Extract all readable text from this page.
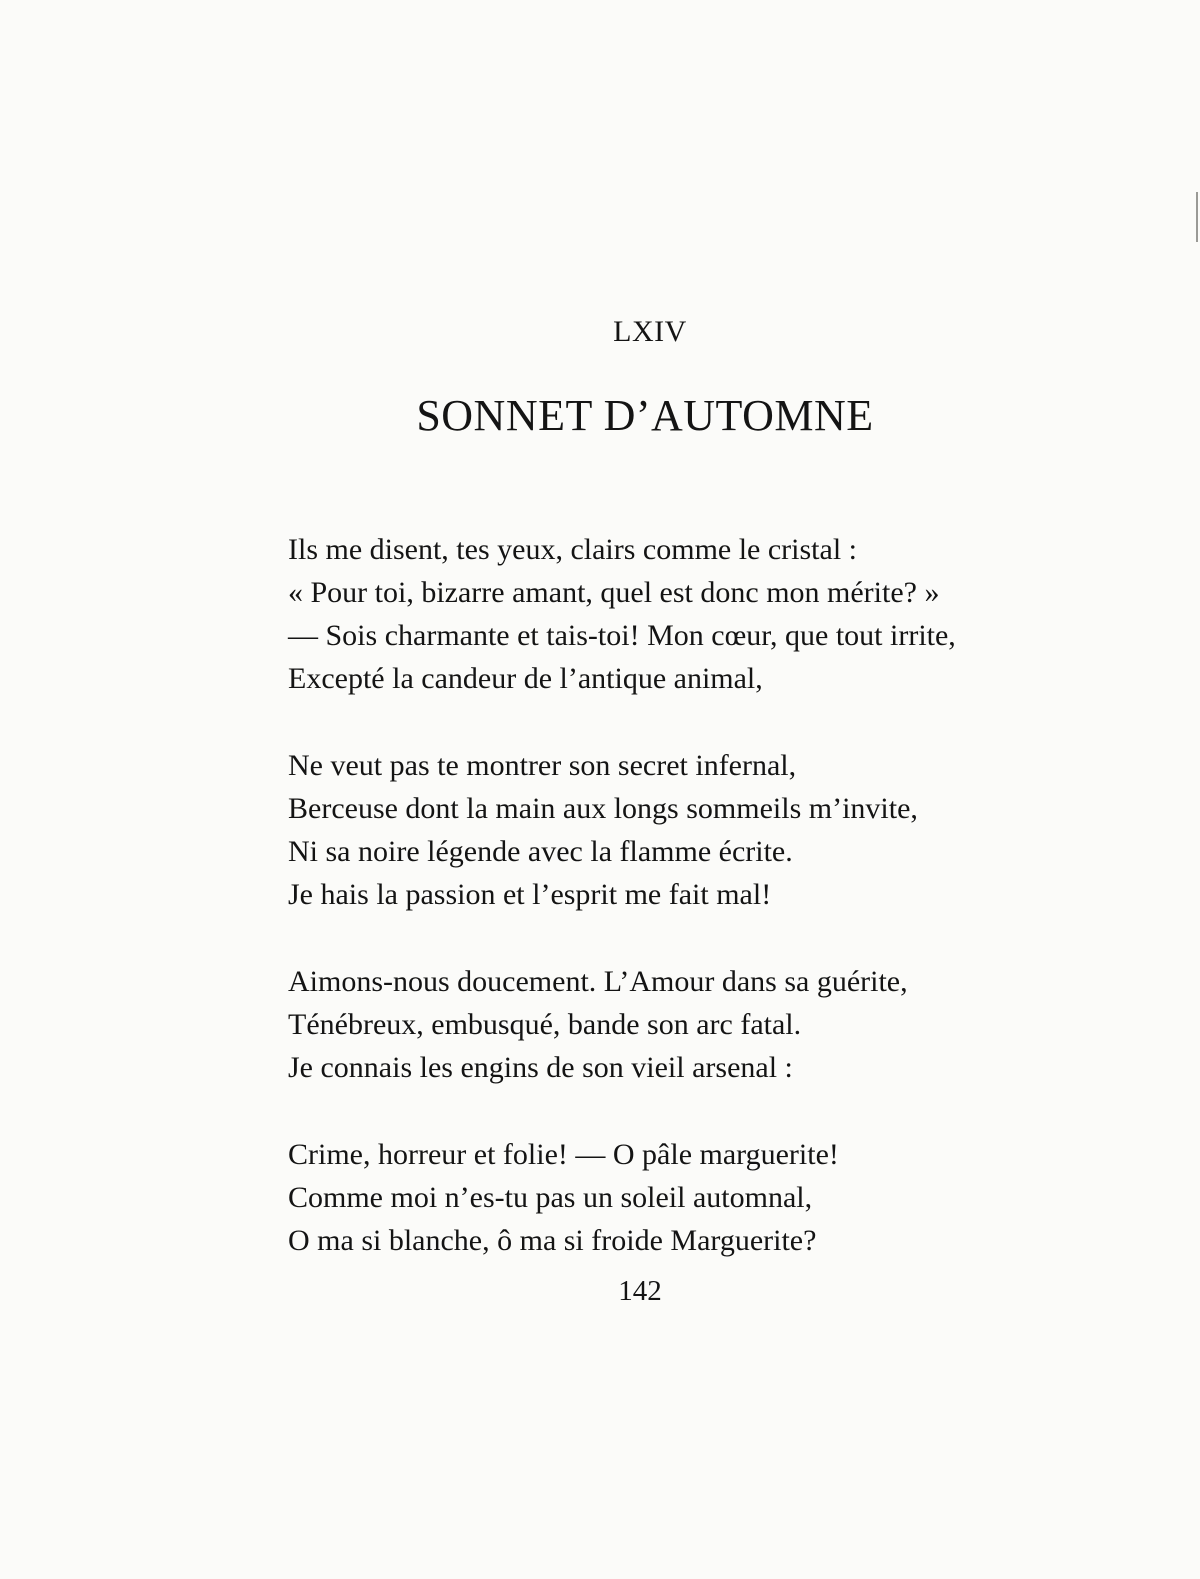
LXIV
SONNET D’AUTOMNE
Ils me disent, tes yeux, clairs comme le cristal :
« Pour toi, bizarre amant, quel est donc mon mérite? »
— Sois charmante et tais-toi! Mon cœur, que tout irrite,
Excepté la candeur de l’antique animal,
Ne veut pas te montrer son secret infernal,
Berceuse dont la main aux longs sommeils m’invite,
Ni sa noire légende avec la flamme écrite.
Je hais la passion et l’esprit me fait mal!
Aimons-nous doucement. L’Amour dans sa guérite,
Ténébreux, embusqué, bande son arc fatal.
Je connais les engins de son vieil arsenal :
Crime, horreur et folie! — O pâle marguerite!
Comme moi n’es-tu pas un soleil automnal,
O ma si blanche, ô ma si froide Marguerite?
142
